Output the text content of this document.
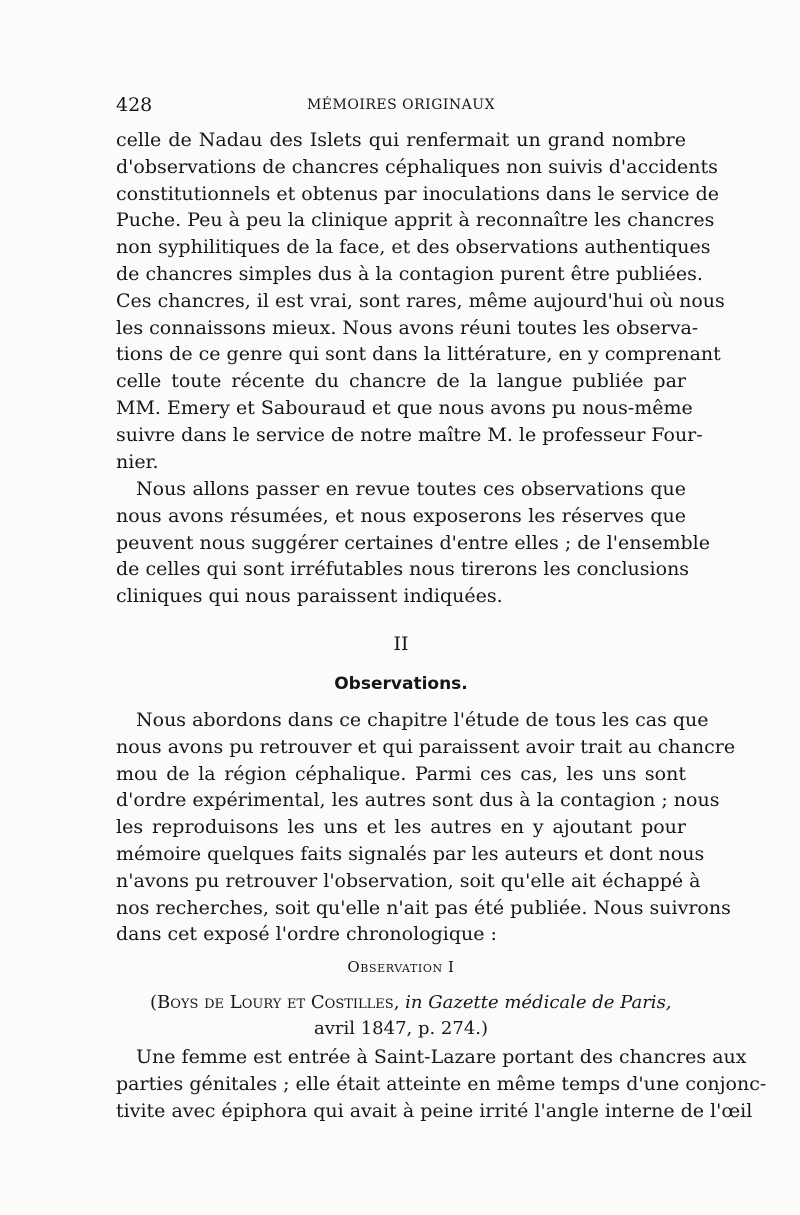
428	MÉMOIRES ORIGINAUX
celle de Nadau des Islets qui renfermait un grand nombre
d'observations de chancres céphaliques non suivis d'accidents
constitutionnels et obtenus par inoculations dans le service de
Puche. Peu à peu la clinique apprit à reconnaître les chancres
non syphilitiques de la face, et des observations authentiques
de chancres simples dus à la contagion purent être publiées.
Ces chancres, il est vrai, sont rares, même aujourd'hui où nous
les connaissons mieux. Nous avons réuni toutes les observa-
tions de ce genre qui sont dans la littérature, en y comprenant
celle toute récente du chancre de la langue publiée par
MM. Emery et Sabouraud et que nous avons pu nous-même
suivre dans le service de notre maître M. le professeur Four-
nier.
Nous allons passer en revue toutes ces observations que
nous avons résumées, et nous exposerons les réserves que
peuvent nous suggérer certaines d'entre elles ; de l'ensemble
de celles qui sont irréfutables nous tirerons les conclusions
cliniques qui nous paraissent indiquées.
II
Observations.
Nous abordons dans ce chapitre l'étude de tous les cas que
nous avons pu retrouver et qui paraissent avoir trait au chancre
mou de la région céphalique. Parmi ces cas, les uns sont
d'ordre expérimental, les autres sont dus à la contagion ; nous
les reproduisons les uns et les autres en y ajoutant pour
mémoire quelques faits signalés par les auteurs et dont nous
n'avons pu retrouver l'observation, soit qu'elle ait échappé à
nos recherches, soit qu'elle n'ait pas été publiée. Nous suivrons
dans cet exposé l'ordre chronologique :
Observation I
(Boys de Loury et Costilles, in Gazette médicale de Paris,
avril 1847, p. 274.)
Une femme est entrée à Saint-Lazare portant des chancres aux
parties génitales ; elle était atteinte en même temps d'une conjonc-
tivite avec épiphora qui avait à peine irrité l'angle interne de l'œil
